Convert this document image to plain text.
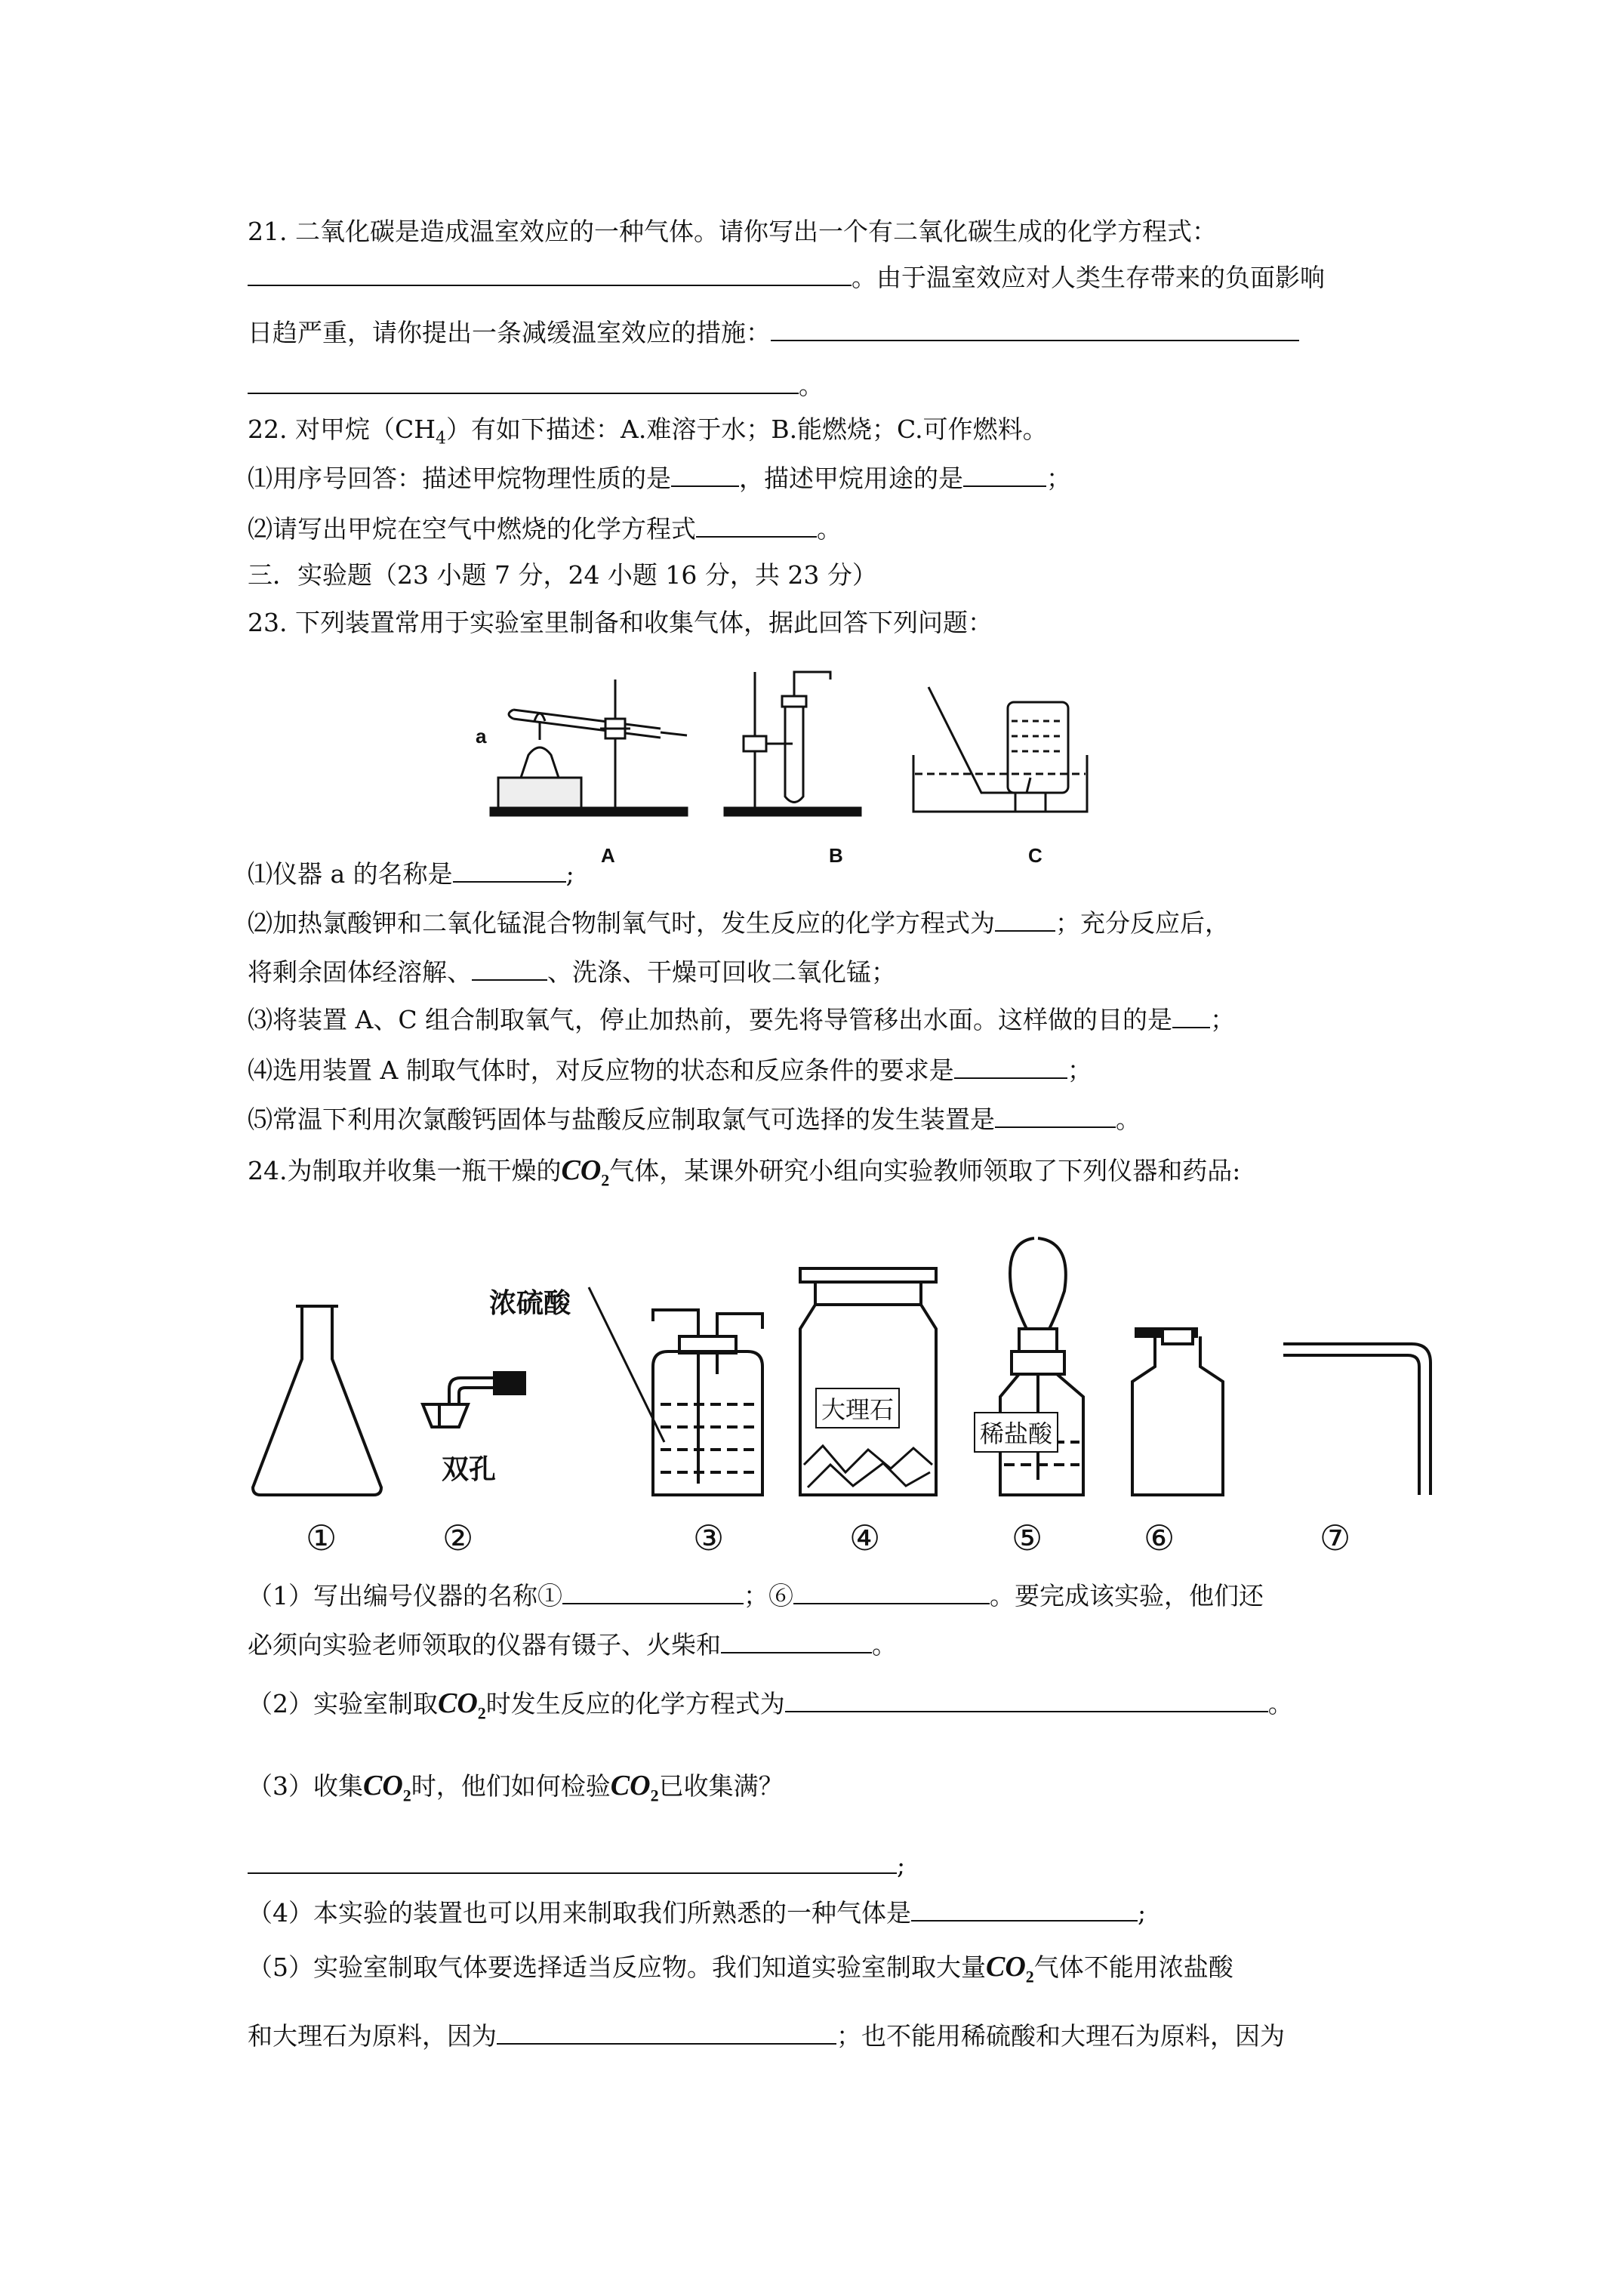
21. 二氧化碳是造成温室效应的一种气体。请你写出一个有二氧化碳生成的化学方程式：
。由于温室效应对人类生存带来的负面影响
日趋严重，请你提出一条减缓温室效应的措施：
。
22. 对甲烷$(CH_4)$有如下描述：A.难溶于水；B.能燃烧；C.可作燃料。
⑴用序号回答：描述甲烷物理性质的是	，描述甲烷用途的是	；
⑵请写出甲烷在空气中燃烧的化学方程式	。
三．实验题（23 小题 7 分，24 小题 16 分，共 23 分）
23. 下列装置常用于实验室里制备和收集气体，据此回答下列问题：
a
A	B	C
⑴仪器 a 的名称是	;
⑵加热氯酸钾和二氧化锰混合物制氧气时，发生反应的化学方程式为 ；充分反应后，
将剩余固体经溶解、	、洗涤、干燥可回收二氧化锰；
⑶将装置 A、C 组合制取氧气，停止加热前，要先将导管移出水面。这样做的目的是 ；
⑷选用装置 A 制取气体时，对反应物的状态和反应条件的要求是	；
⑸常温下利用次氯酸钙固体与盐酸反应制取氯气可选择的发生装置是	。
24.为制取并收集一瓶干燥的$CO_2$气体，某课外研究小组向实验教师领取了下列仪器和药品:
浓硫酸
双孔
大理石
稀盐酸
①	②	③	④	⑤	⑥	⑦
（1）写出编号仪器的名称①	；⑥	。要完成该实验，他们还
必须向实验老师领取的仪器有镊子、火柴和	。
（2）实验室制取$CO_2$时发生反应的化学方程式为	。
（3）收集$CO_2$时，他们如何检验$CO_2$已收集满？
;
（4）本实验的装置也可以用来制取我们所熟悉的一种气体是	;
（5）实验室制取气体要选择适当反应物。我们知道实验室制取大量$CO_2$气体不能用浓盐酸
和大理石为原料，因为	；也不能用稀硫酸和大理石为原料，因为
